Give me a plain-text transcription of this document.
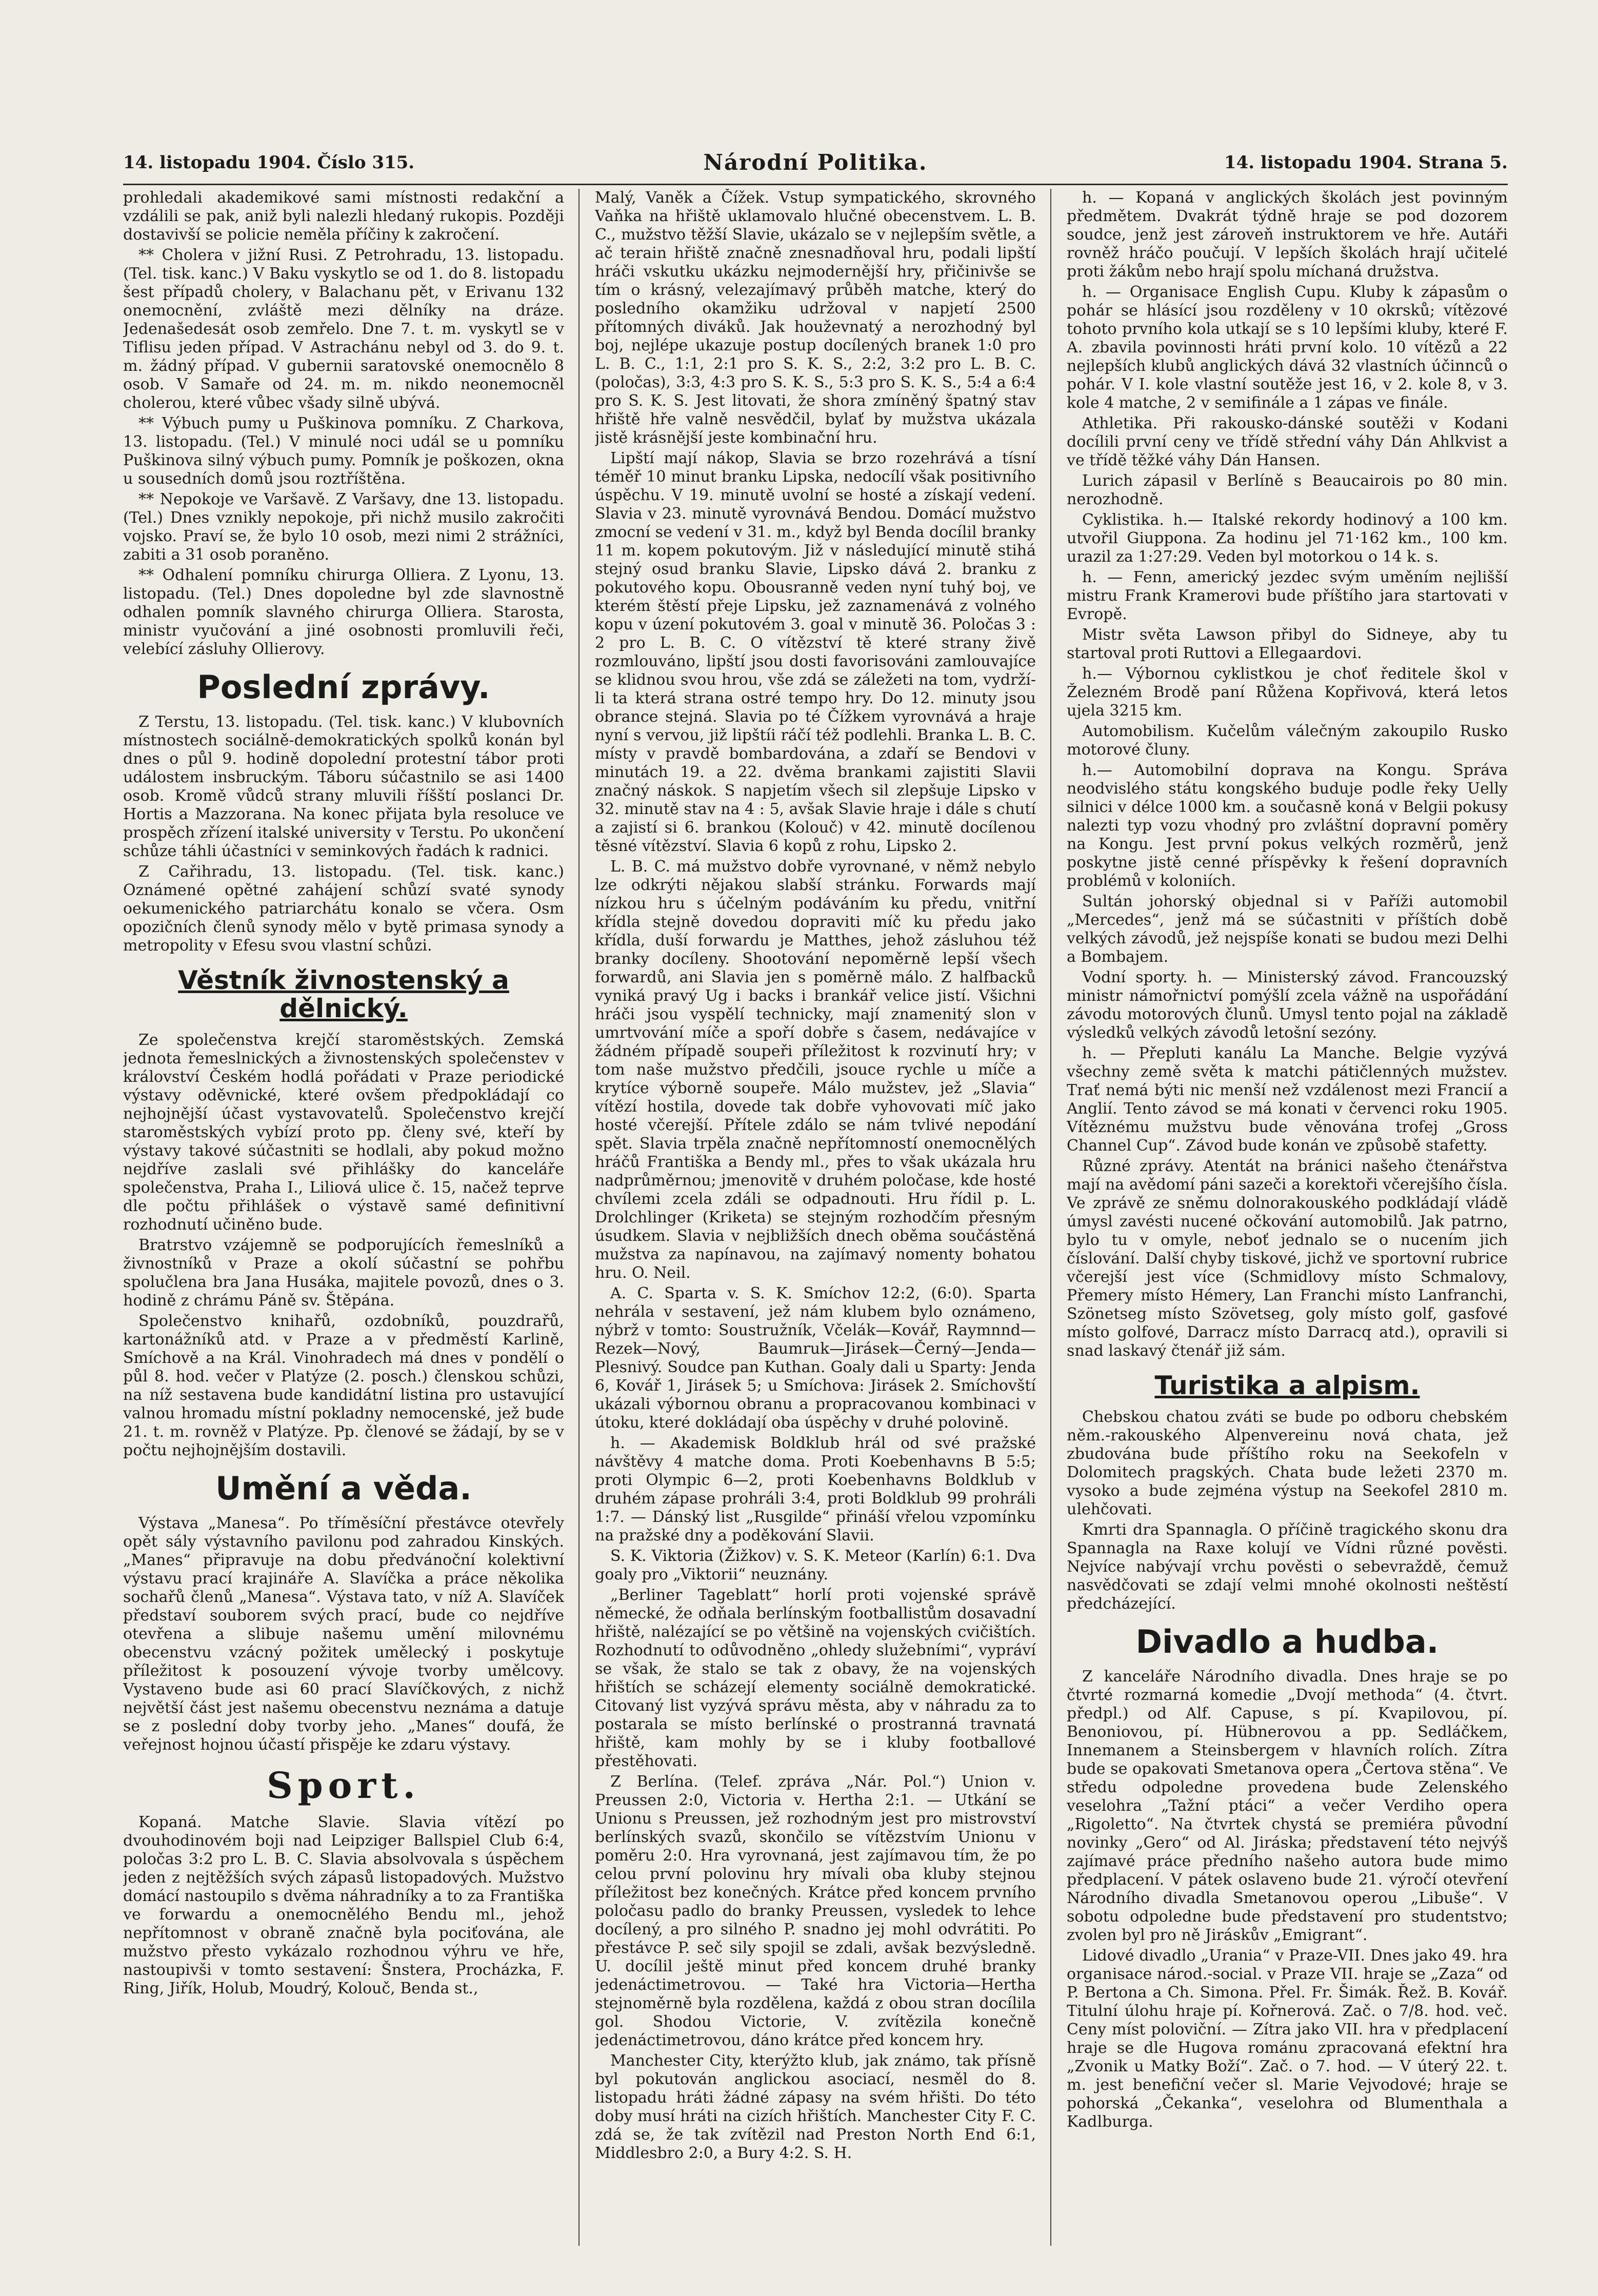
14. listopadu 1904. Číslo 315.	Národní Politika.	14. listopadu 1904. Strana 5.

prohledali akademikové sami místnosti redakční a vzdálili se pak, aniž byli nalezli hledaný rukopis. Později dostavivší se policie neměla příčiny k zakročení.

** Cholera v jižní Rusi. Z Petrohradu, 13. listopadu. (Tel. tisk. kanc.) V Baku vyskytlo se od 1. do 8. listopadu šest případů cholery, v Balachanu pět, v Erivanu 132 onemocnění, zvláště mezi dělníky na dráze. Jedenašedesát osob zemřelo. Dne 7. t. m. vyskytl se v Tiflisu jeden případ. V Astrachánu nebyl od 3. do 9. t. m. žádný případ. V gubernii saratovské onemocnělo 8 osob. V Samaře od 24. m. m. nikdo neonemocněl cholerou, které vůbec všady silně ubývá.

** Výbuch pumy u Puškinova pomníku. Z Charkova, 13. listopadu. (Tel.) V minulé noci udál se u pomníku Puškinova silný výbuch pumy. Pomník je poškozen, okna u sousedních domů jsou roztříštěna.

** Nepokoje ve Varšavě. Z Varšavy, dne 13. listopadu. (Tel.) Dnes vznikly nepokoje, při nichž musilo zakročiti vojsko. Praví se, že bylo 10 osob, mezi nimi 2 strážníci, zabiti a 31 osob poraněno.

** Odhalení pomníku chirurga Olliera. Z Lyonu, 13. listopadu. (Tel.) Dnes dopoledne byl zde slavnostně odhalen pomník slavného chirurga Olliera. Starosta, ministr vyučování a jiné osobnosti promluvili řeči, velebící zásluhy Ollierovy.

Poslední zprávy.

Z Terstu, 13. listopadu. (Tel. tisk. kanc.) V klubovních místnostech sociálně-demokratických spolků konán byl dnes o půl 9. hodině dopolední protestní tábor proti událostem insbruckým. Táboru súčastnilo se asi 1400 osob. Kromě vůdců strany mluvili říšští poslanci Dr. Hortis a Mazzorana. Na konec přijata byla resoluce ve prospěch zřízení italské university v Terstu. Po ukončení schůze táhli účastníci v seminkových řadách k radnici.

Z Cařihradu, 13. listopadu. (Tel. tisk. kanc.) Oznámené opětné zahájení schůzí svaté synody oekumenického patriarchátu konalo se včera. Osm opozičních členů synody mělo v bytě primasa synody a metropolity v Efesu svou vlastní schůzi.

Věstník živnostenský a dělnický.

Ze společenstva krejčí staroměstských. Zemská jednota řemeslnických a živnostenských společenstev v království Českém hodlá pořádati v Praze periodické výstavy oděvnické, které ovšem předpokládají co nejhojnější účast vystavovatelů. Společenstvo krejčí staroměstských vybízí proto pp. členy své, kteří by výstavy takové súčastniti se hodlali, aby pokud možno nejdříve zaslali své přihlášky do kanceláře společenstva, Praha I., Liliová ulice č. 15, načež teprve dle počtu přihlášek o výstavě samé definitivní rozhodnutí učiněno bude.

Bratrstvo vzájemně se podporujících řemeslníků a živnostníků v Praze a okolí súčastní se pohřbu spolučlena bra Jana Husáka, majitele povozů, dnes o 3. hodině z chrámu Páně sv. Štěpána.

Společenstvo knihařů, ozdobníků, pouzdrařů, kartonážníků atd. v Praze a v předměstí Karlině, Smíchově a na Král. Vinohradech má dnes v pondělí o půl 8. hod. večer v Platýze (2. posch.) členskou schůzi, na níž sestavena bude kandidátní listina pro ustavující valnou hromadu místní pokladny nemocenské, jež bude 21. t. m. rovněž v Platýze. Pp. členové se žádají, by se v počtu nejhojnějším dostavili.

Umění a věda.

Výstava „Manesa“. Po tříměsíční přestávce otevřely opět sály výstavního pavilonu pod zahradou Kinských. „Manes“ připravuje na dobu předvánoční kolektivní výstavu prací krajináře A. Slavíčka a práce několika sochařů členů „Manesa“. Výstava tato, v níž A. Slavíček představí souborem svých prací, bude co nejdříve otevřena a slibuje našemu umění milovnému obecenstvu vzácný požitek umělecký i poskytuje příležitost k posouzení vývoje tvorby umělcovy. Vystaveno bude asi 60 prací Slavíčkových, z nichž největší část jest našemu obecenstvu neznáma a datuje se z poslední doby tvorby jeho. „Manes“ doufá, že veřejnost hojnou účastí přispěje ke zdaru výstavy.

Sport.

Kopaná. Matche Slavie. Slavia vítězí po dvouhodinovém boji nad Leipziger Ballspiel Club 6:4, poločas 3:2 pro L. B. C. Slavia absolvovala s úspěchem jeden z nejtěžších svých zápasů listopadových. Mužstvo domácí nastoupilo s dvěma náhradníky a to za Františka ve forwardu a onemocnělého Bendu ml., jehož nepřítomnost v obraně značně byla pociťována, ale mužstvo přesto vykázalo rozhodnou výhru ve hře, nastoupivši v tomto sestavení: Šnstera, Procházka, F. Ring, Jiřík, Holub, Moudrý, Kolouč, Benda st.,

Malý, Vaněk a Čížek. Vstup sympatického, skrovného Vaňka na hřiště uklamovalo hlučné obecenstvem. L. B. C., mužstvo těžší Slavie, ukázalo se v nejlepším světle, a ač terain hřiště značně znesnadňoval hru, podali lipští hráči vskutku ukázku nejmodernější hry, přičinivše se tím o krásný, velezajímavý průběh matche, který do posledního okamžiku udržoval v napjetí 2500 přítomných diváků. Jak houževnatý a nerozhodný byl boj, nejlépe ukazuje postup docílených branek 1:0 pro L. B. C., 1:1, 2:1 pro S. K. S., 2:2, 3:2 pro L. B. C. (poločas), 3:3, 4:3 pro S. K. S., 5:3 pro S. K. S., 5:4 a 6:4 pro S. K. S. Jest litovati, že shora zmíněný špatný stav hřiště hře valně nesvědčil, bylať by mužstva ukázala jistě krásnější jeste kombinační hru.

Lipští mají nákop, Slavia se brzo rozehrává a tísní téměř 10 minut branku Lipska, nedocílí však positivního úspěchu. V 19. minutě uvolní se hosté a získají vedení. Slavia v 23. minutě vyrovnává Bendou. Domácí mužstvo zmocní se vedení v 31. m., když byl Benda docílil branky 11 m. kopem pokutovým. Již v následující minutě stihá stejný osud branku Slavie, Lipsko dává 2. branku z pokutového kopu. Obousranně veden nyní tuhý boj, ve kterém štěstí přeje Lipsku, jež zaznamenává z volného kopu v úzení pokutovém 3. goal v minutě 36. Poločas 3 : 2 pro L. B. C. O vítězství tě které strany živě rozmlouváno, lipští jsou dosti favorisováni zamlouvajíce se klidnou svou hrou, vše zdá se záležeti na tom, vydrží-li ta která strana ostré tempo hry. Do 12. minuty jsou obrance stejná. Slavia po té Čížkem vyrovnává a hraje nyní s vervou, již lipštíi ráčí též podlehli. Branka L. B. C. místy v pravdě bombardována, a zdaří se Bendovi v minutách 19. a 22. dvěma brankami zajistiti Slavii značný náskok. S napjetím všech sil zlepšuje Lipsko v 32. minutě stav na 4 : 5, avšak Slavie hraje i dále s chutí a zajistí si 6. brankou (Kolouč) v 42. minutě docílenou těsné vítězství. Slavia 6 kopů z rohu, Lipsko 2.

L. B. C. má mužstvo dobře vyrovnané, v němž nebylo lze odkrýti nějakou slabší stránku. Forwards mají nízkou hru s účelným podáváním ku předu, vnitřní křídla stejně dovedou dopraviti míč ku předu jako křídla, duší forwardu je Matthes, jehož zásluhou též branky docíleny. Shootování nepoměrně lepší všech forwardů, ani Slavia jen s poměrně málo. Z halfbacků vyniká pravý Ug i backs i brankář velice jistí. Všichni hráči jsou vyspělí technicky, mají znamenitý slon v umrtvování míče a spoří dobře s časem, nedávajíce v žádném případě soupeři příležitost k rozvinutí hry; v tom naše mužstvo předčili, jsouce rychle u míče a krytíce výborně soupeře. Málo mužstev, jež „Slavia“ vítězí hostila, dovede tak dobře vyhovovati míč jako hosté včerejší. Přítele zdálo se nám tvlivé nepodání spět. Slavia trpěla značně nepřítomností onemocnělých hráčů Františka a Bendy ml., přes to však ukázala hru nadprůměrnou; jmenovitě v druhém poločase, kde hosté chvílemi zcela zdáli se odpadnouti. Hru řídil p. L. Drolchlinger (Kriketa) se stejným rozhodčím přesným úsudkem. Slavia v nejbližších dnech oběma součástěná mužstva za napínavou, na zajímavý nomenty bohatou hru. O. Neil.

A. C. Sparta v. S. K. Smíchov 12:2, (6:0). Sparta nehrála v sestavení, jež nám klubem bylo oznámeno, nýbrž v tomto: Soustružník, Včelák—Kovář, Raymnnd—Rezek—Nový, Baumruk—Jirásek—Černý—Jenda—Plesnivý. Soudce pan Kuthan. Goaly dali u Sparty: Jenda 6, Kovář 1, Jirásek 5; u Smíchova: Jirásek 2. Smíchovští ukázali výbornou obranu a propracovanou kombinaci v útoku, které dokládají oba úspěchy v druhé polovině.

h. — Akademisk Boldklub hrál od své pražské návštěvy 4 matche doma. Proti Koebenhavns B 5:5; proti Olympic 6—2, proti Koebenhavns Boldklub v druhém zápase prohráli 3:4, proti Boldklub 99 prohráli 1:7. — Dánský list „Rusgilde“ přináší vřelou vzpomínku na pražské dny a poděkování Slavii.

S. K. Viktoria (Žižkov) v. S. K. Meteor (Karlín) 6:1. Dva goaly pro „Viktorii“ neuznány.

„Berliner Tageblatt“ horlí proti vojenské správě německé, že odňala berlínským footballistům dosavadní hřiště, nalézající se po většině na vojenských cvičištích. Rozhodnutí to odůvodněno „ohledy služebními“, vypráví se však, že stalo se tak z obavy, že na vojenských hřištích se scházejí elementy sociálně demokratické. Citovaný list vyzývá správu města, aby v náhradu za to postarala se místo berlínské o prostranná travnatá hřiště, kam mohly by se i kluby footballové přestěhovati.

Z Berlína. (Telef. zpráva „Nár. Pol.“) Union v. Preussen 2:0, Victoria v. Hertha 2:1. — Utkání se Unionu s Preussen, jež rozhodným jest pro mistrovství berlínských svazů, skončilo se vítězstvím Unionu v poměru 2:0. Hra vyrovnaná, jest zajímavou tím, že po celou první polovinu hry mívali oba kluby stejnou příležitost bez konečných. Krátce před koncem prvního poločasu padlo do branky Preussen, vysledek to lehce docílený, a pro silného P. snadno jej mohl odvrátiti. Po přestávce P. seč sily spojil se zdali, avšak bezvýsledně. U. docílil ještě minut před koncem druhé branky jedenáctimetrovou. — Také hra Victoria—Hertha stejnoměrně byla rozdělena, každá z obou stran docílila gol. Shodou Victorie, V. zvítězila konečně jedenáctimetrovou, dáno krátce před koncem hry.

Manchester City, kterýžto klub, jak známo, tak přísně byl pokutován anglickou asociací, nesměl do 8. listopadu hráti žádné zápasy na svém hřišti. Do této doby musí hráti na cizích hřištích. Manchester City F. C. zdá se, že tak zvítězil nad Preston North End 6:1, Middlesbro 2:0, a Bury 4:2. S. H.

h. — Kopaná v anglických školách jest povinným předmětem. Dvakrát týdně hraje se pod dozorem soudce, jenž jest zároveň instruktorem ve hře. Autáři rovněž hráčo poučují. V lepších školách hrají učitelé proti žákům nebo hrají spolu míchaná družstva.

h. — Organisace English Cupu. Kluby k zápasům o pohár se hlásící jsou rozděleny v 10 okrsků; vítězové tohoto prvního kola utkají se s 10 lepšími kluby, které F. A. zbavila povinnosti hráti první kolo. 10 vítězů a 22 nejlepších klubů anglických dává 32 vlastních účinnců o pohár. V I. kole vlastní soutěže jest 16, v 2. kole 8, v 3. kole 4 matche, 2 v semifinále a 1 zápas ve finále.

Athletika. Při rakousko-dánské soutěži v Kodani docílili první ceny ve třídě střední váhy Dán Ahlkvist a ve třídě těžké váhy Dán Hansen.

Lurich zápasil v Berlíně s Beaucairois po 80 min. nerozhodně.

Cyklistika. h.— Italské rekordy hodinový a 100 km. utvořil Giuppona. Za hodinu jel 71·162 km., 100 km. urazil za 1:27:29. Veden byl motorkou o 14 k. s.

h. — Fenn, americký jezdec svým uměním nejlišší mistru Frank Kramerovi bude příštího jara startovati v Evropě.

Mistr světa Lawson přibyl do Sidneye, aby tu startoval proti Ruttovi a Ellegaardovi.

h.— Výbornou cyklistkou je choť ředitele škol v Železném Brodě paní Růžena Kopřivová, která letos ujela 3215 km.

Automobilism. Kučelům válečným zakoupilo Rusko motorové čluny.

h.— Automobilní doprava na Kongu. Správa neodvislého státu kongského buduje podle řeky Uelly silnici v délce 1000 km. a současně koná v Belgii pokusy nalezti typ vozu vhodný pro zvláštní dopravní poměry na Kongu. Jest první pokus velkých rozměrů, jenž poskytne jistě cenné příspěvky k řešení dopravních problémů v koloniích.

Sultán johorský objednal si v Paříži automobil „Mercedes“, jenž má se súčastniti v příštích době velkých závodů, jež nejspíše konati se budou mezi Delhi a Bombajem.

Vodní sporty. h. — Ministerský závod. Francouzský ministr námořnictví pomýšlí zcela vážně na uspořádání závodu motorových člunů. Umysl tento pojal na základě výsledků velkých závodů letošní sezóny.

h. — Přepluti kanálu La Manche. Belgie vyzývá všechny země světa k matchi pátičlenných mužstev. Trať nemá býti nic menší než vzdálenost mezi Francií a Anglií. Tento závod se má konati v červenci roku 1905. Vítěznému mužstvu bude věnována trofej „Gross Channel Cup“. Závod bude konán ve způsobě stafetty.

Různé zprávy. Atentát na bránici našeho čtenářstva mají na avědomí páni sazeči a korektoři včerejšího čísla. Ve zprávě ze sněmu dolnorakouského podkládají vládě úmysl zavésti nucené očkování automobilů. Jak patrno, bylo tu v omyle, neboť jednalo se o nucením jich číslování. Další chyby tiskové, jichž ve sportovní rubrice včerejší jest více (Schmidlovy místo Schmalovy, Přemery místo Hémery, Lan Franchi místo Lanfranchi, Szönetseg místo Szövetseg, goly místo golf, gasfové místo golfové, Darracz místo Darracq atd.), opravili si snad laskavý čtenář již sám.

Turistika a alpism.

Chebskou chatou zváti se bude po odboru chebském něm.-rakouského Alpenvereinu nová chata, jež zbudována bude příštího roku na Seekofeln v Dolomitech pragských. Chata bude ležeti 2370 m. vysoko a bude zejména výstup na Seekofel 2810 m. ulehčovati.

Kmrti dra Spannagla. O příčině tragického skonu dra Spannagla na Raxe kolují ve Vídni různé pověsti. Nejvíce nabývají vrchu pověsti o sebevraždě, čemuž nasvědčovati se zdají velmi mnohé okolnosti neštěstí předcházející.

Divadlo a hudba.

Z kanceláře Národního divadla. Dnes hraje se po čtvrté rozmarná komedie „Dvojí methoda“ (4. čtvrt. předpl.) od Alf. Capuse, s pí. Kvapilovou, pí. Benoniovou, pí. Hübnerovou a pp. Sedláčkem, Innemanem a Steinsbergem v hlavních rolích. Zítra bude se opakovati Smetanova opera „Čertova stěna“. Ve středu odpoledne provedena bude Zelenského veselohra „Tažní ptáci“ a večer Verdiho opera „Rigoletto“. Na čtvrtek chystá se premiéra původní novinky „Gero“ od Al. Jiráska; představení této nejvýš zajímavé práce předního našeho autora bude mimo předplacení. V pátek oslaveno bude 21. výročí otevření Národního divadla Smetanovou operou „Libuše“. V sobotu odpoledne bude představení pro studentstvo; zvolen byl pro ně Jiráskův „Emigrant“.

Lidové divadlo „Urania“ v Praze-VII. Dnes jako 49. hra organisace národ.-social. v Praze VII. hraje se „Zaza“ od P. Bertona a Ch. Simona. Přel. Fr. Šimák. Řež. B. Kovář. Titulní úlohu hraje pí. Kořnerová. Zač. o 7/8. hod. več. Ceny míst poloviční. — Zítra jako VII. hra v předplacení hraje se dle Hugova románu zpracovaná efektní hra „Zvonik u Matky Boží“. Zač. o 7. hod. — V úterý 22. t. m. jest benefiční večer sl. Marie Vejvodové; hraje se pohorská „Čekanka“, veselohra od Blumenthala a Kadlburga.
